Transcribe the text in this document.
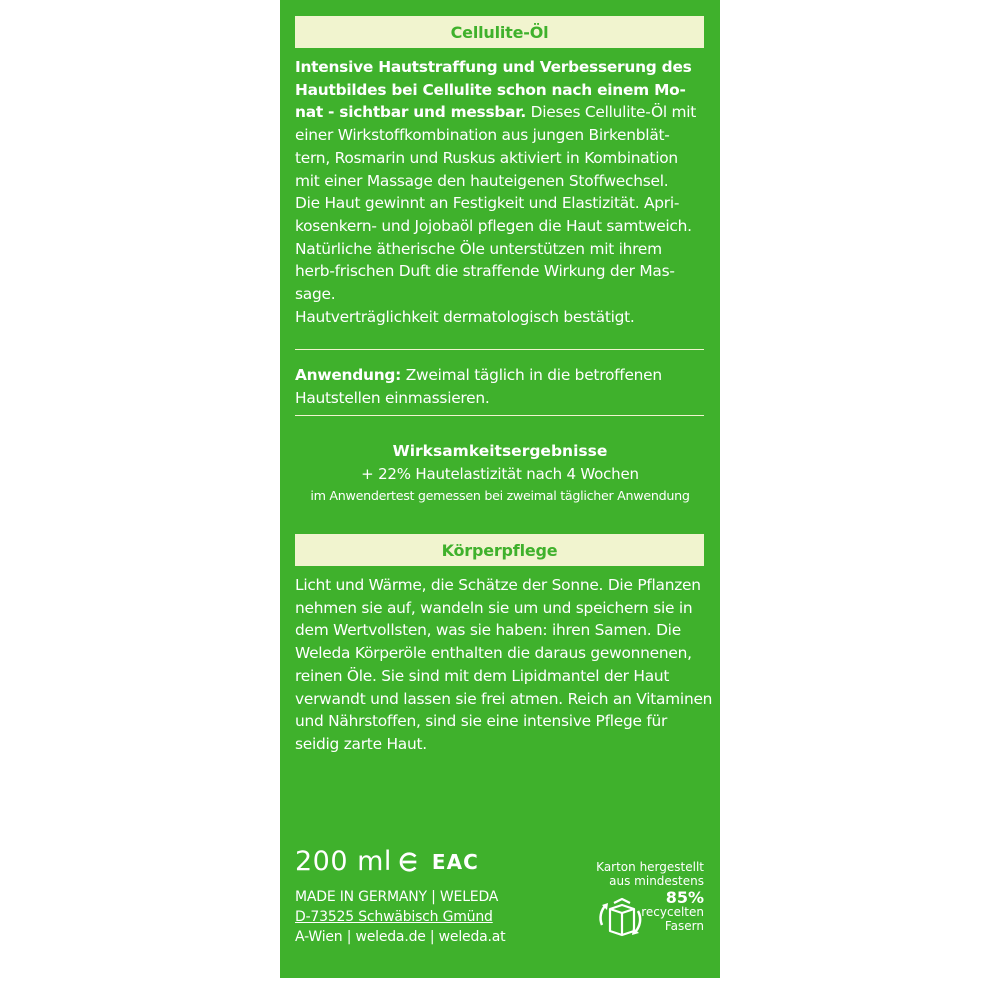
Cellulite-Öl
Intensive Hautstraffung und Verbesserung des
Hautbildes bei Cellulite schon nach einem Mo-
nat - sichtbar und messbar. Dieses Cellulite-Öl mit
einer Wirkstoffkombination aus jungen Birkenblät-
tern, Rosmarin und Ruskus aktiviert in Kombination
mit einer Massage den hauteigenen Stoffwechsel.
Die Haut gewinnt an Festigkeit und Elastizität. Apri-
kosenkern- und Jojobaöl pflegen die Haut samtweich.
Natürliche ätherische Öle unterstützen mit ihrem
herb-frischen Duft die straffende Wirkung der Mas-
sage.
Hautverträglichkeit dermatologisch bestätigt.
Anwendung: Zweimal täglich in die betroffenen
Hautstellen einmassieren.
Wirksamkeitsergebnisse
+ 22% Hautelastizität nach 4 Wochen
im Anwendertest gemessen bei zweimal täglicher Anwendung
Körperpflege
Licht und Wärme, die Schätze der Sonne. Die Pflanzen
nehmen sie auf, wandeln sie um und speichern sie in
dem Wertvollsten, was sie haben: ihren Samen. Die
Weleda Körperöle enthalten die daraus gewonnenen,
reinen Öle. Sie sind mit dem Lipidmantel der Haut
verwandt und lassen sie frei atmen. Reich an Vitaminen
und Nährstoffen, sind sie eine intensive Pflege für
seidig zarte Haut.
200 ml EAC
MADE IN GERMANY | WELEDA
D-73525 Schwäbisch Gmünd
A-Wien | weleda.de | weleda.at
Karton hergestellt
aus mindestens
85%
recycelten
Fasern
